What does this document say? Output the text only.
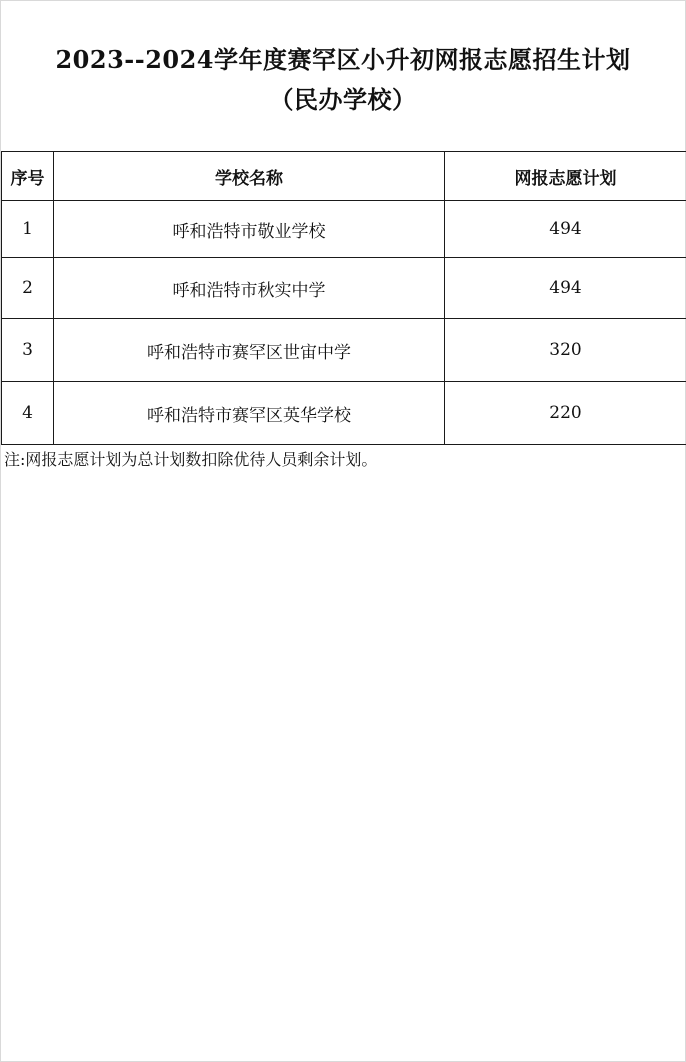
2023--2024学年度赛罕区小升初网报志愿招生计划
（民办学校）
序号	学校名称	网报志愿计划
1	呼和浩特市敬业学校	494
2	呼和浩特市秋实中学	494
3	呼和浩特市赛罕区世宙中学	320
4	呼和浩特市赛罕区英华学校	220
注:网报志愿计划为总计划数扣除优待人员剩余计划。
